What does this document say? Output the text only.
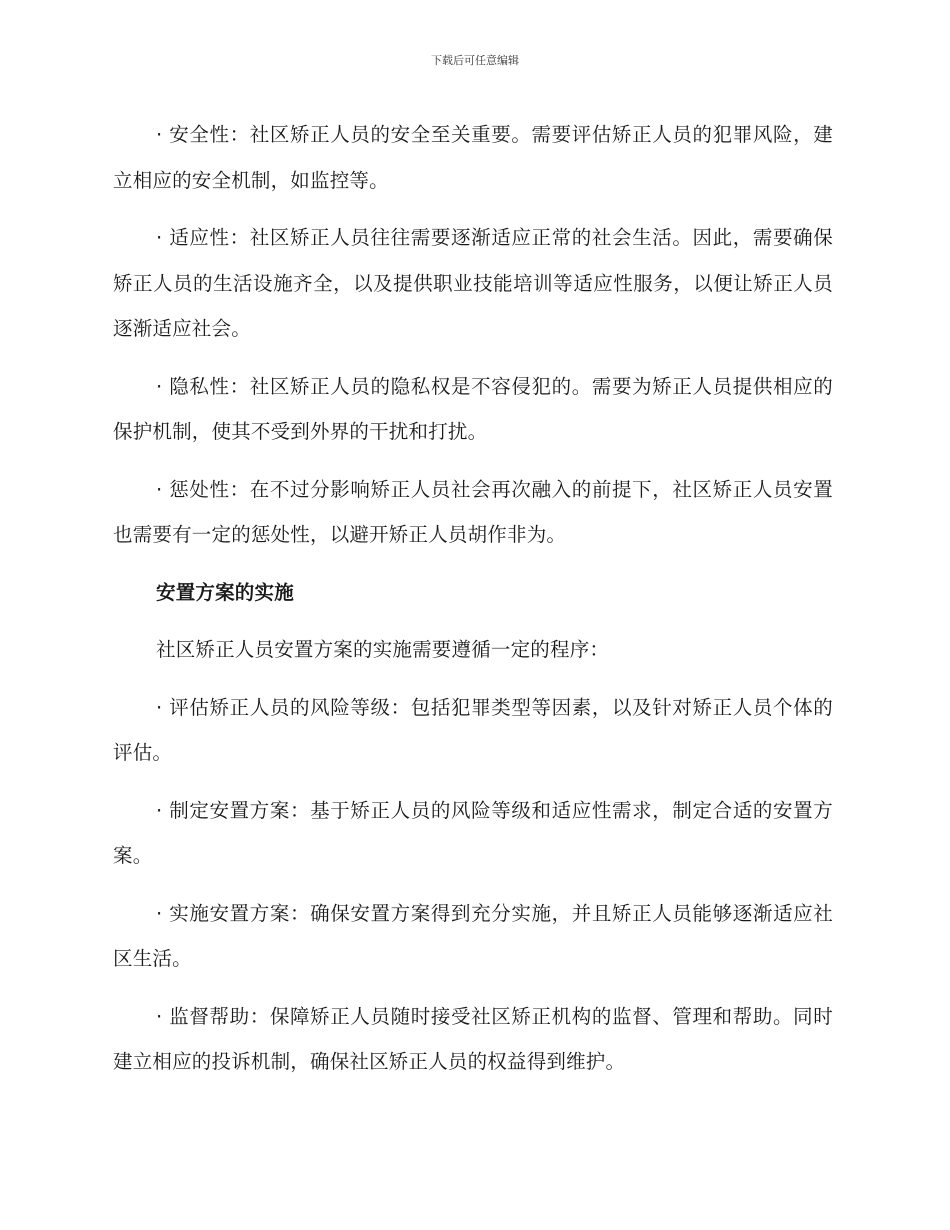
下载后可任意编辑

· 安全性：社区矫正人员的安全至关重要。需要评估矫正人员的犯罪风险，建立相应的安全机制，如监控等。

· 适应性：社区矫正人员往往需要逐渐适应正常的社会生活。因此，需要确保矫正人员的生活设施齐全，以及提供职业技能培训等适应性服务，以便让矫正人员逐渐适应社会。

· 隐私性：社区矫正人员的隐私权是不容侵犯的。需要为矫正人员提供相应的保护机制，使其不受到外界的干扰和打扰。

· 惩处性：在不过分影响矫正人员社会再次融入的前提下，社区矫正人员安置也需要有一定的惩处性，以避开矫正人员胡作非为。

安置方案的实施

社区矫正人员安置方案的实施需要遵循一定的程序：

· 评估矫正人员的风险等级：包括犯罪类型等因素，以及针对矫正人员个体的评估。

· 制定安置方案：基于矫正人员的风险等级和适应性需求，制定合适的安置方案。

· 实施安置方案：确保安置方案得到充分实施，并且矫正人员能够逐渐适应社区生活。

· 监督帮助：保障矫正人员随时接受社区矫正机构的监督、管理和帮助。同时建立相应的投诉机制，确保社区矫正人员的权益得到维护。
